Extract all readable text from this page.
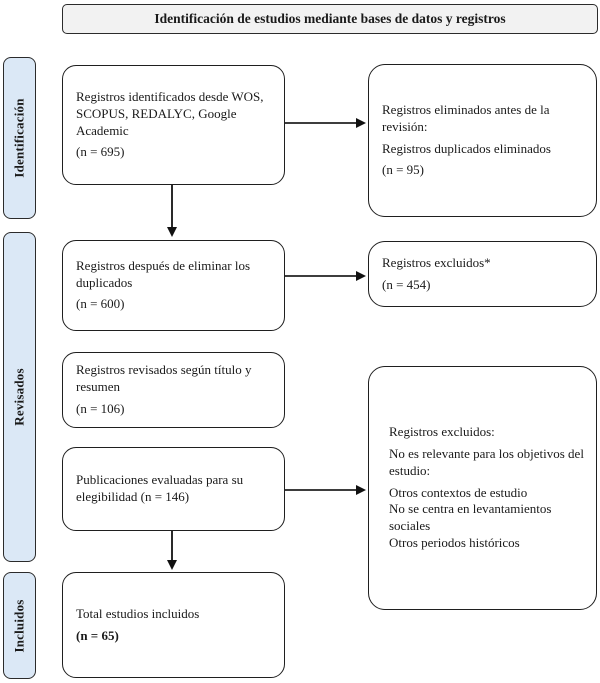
Identificación de estudios mediante bases de datos y registros
Identificación
Revisados
Incluidos

Registros identificados desde WOS, SCOPUS, REDALYC, Google Academic

(n = 695)

Registros eliminados antes de la revisión:

Registros duplicados eliminados

(n = 95)

Registros después de eliminar los duplicados

(n = 600)

Registros excluidos*

(n = 454)

Registros revisados según título y resumen

(n = 106)

Publicaciones evaluadas para su elegibilidad (n = 146)

Registros excluidos:

No es relevante para los objetivos del estudio:

Otros contextos de estudio

No se centra en levantamientos sociales

Otros periodos históricos

Total estudios incluidos

(n = 65)
